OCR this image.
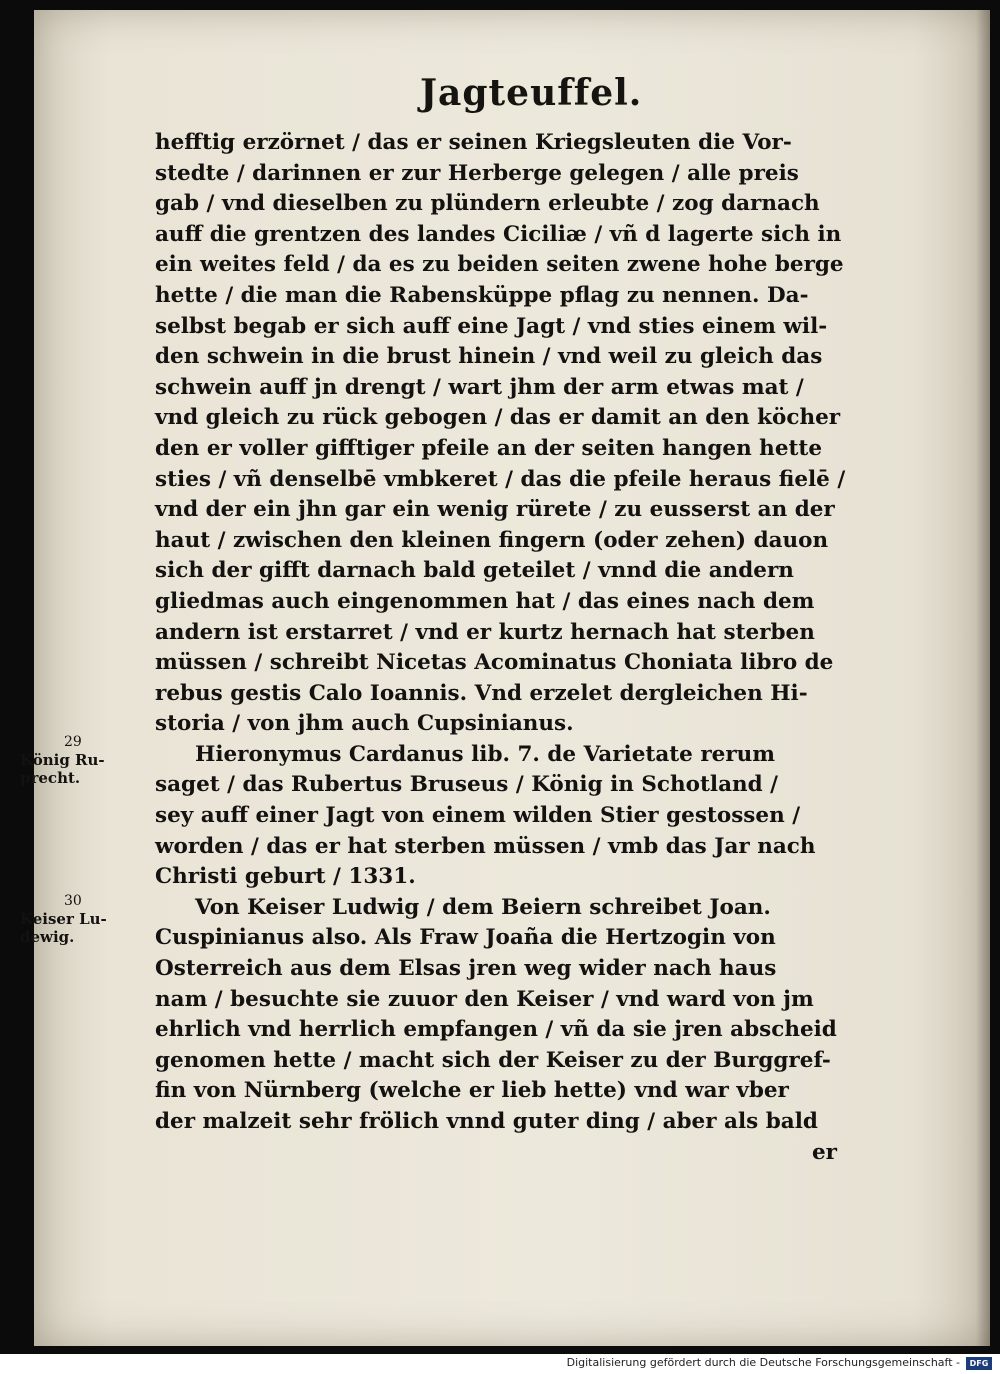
Jagteuffel.
hefftig erzörnet / das er seinen Kriegsleuten die Vor-
stedte / darinnen er zur Herberge gelegen / alle preis
gab / vnd dieselben zu plündern erleubte / zog darnach
auff die grentzen des landes Ciciliæ / vñ d lagerte sich in
ein weites feld / da es zu beiden seiten zwene hohe berge
hette / die man die Rabensküppe pflag zu nennen. Da-
selbst begab er sich auff eine Jagt / vnd sties einem wil-
den schwein in die brust hinein / vnd weil zu gleich das
schwein auff jn drengt / wart jhm der arm etwas mat /
vnd gleich zu rück gebogen / das er damit an den köcher
den er voller gifftiger pfeile an der seiten hangen hette
sties / vñ denselbē vmbkeret / das die pfeile heraus fielē /
vnd der ein jhn gar ein wenig rürete / zu eusserst an der
haut / zwischen den kleinen fingern (oder zehen) dauon
sich der gifft darnach bald geteilet / vnnd die andern
gliedmas auch eingenommen hat / das eines nach dem
andern ist erstarret / vnd er kurtz hernach hat sterben
müssen / schreibt Nicetas Acominatus Choniata libro de
rebus gestis Calo Ioannis. Vnd erzelet dergleichen Hi-
storia / von jhm auch Cupsinianus.
Hieronymus Cardanus lib. 7. de Varietate rerum
saget / das Rubertus Bruseus / König in Schotland /
sey auff einer Jagt von einem wilden Stier gestossen /
worden / das er hat sterben müssen / vmb das Jar nach
Christi geburt / 1331.
Von Keiser Ludwig / dem Beiern schreibet Joan.
Cuspinianus also. Als Fraw Joañа die Hertzogin von
Osterreich aus dem Elsas jren weg wider nach haus
nam / besuchte sie zuuor den Keiser / vnd ward von jm
ehrlich vnd herrlich empfangen / vñ da sie jren abscheid
genomen hette / macht sich der Keiser zu der Burggref-
fin von Nürnberg (welche er lieb hette) vnd war vber
der malzeit sehr frölich vnnd guter ding / aber als bald
29
König Ru-
precht.
30
Keiser Lu-
dewig.
er
Digitalisierung gefördert durch die Deutsche Forschungsgemeinschaft -	DFG
